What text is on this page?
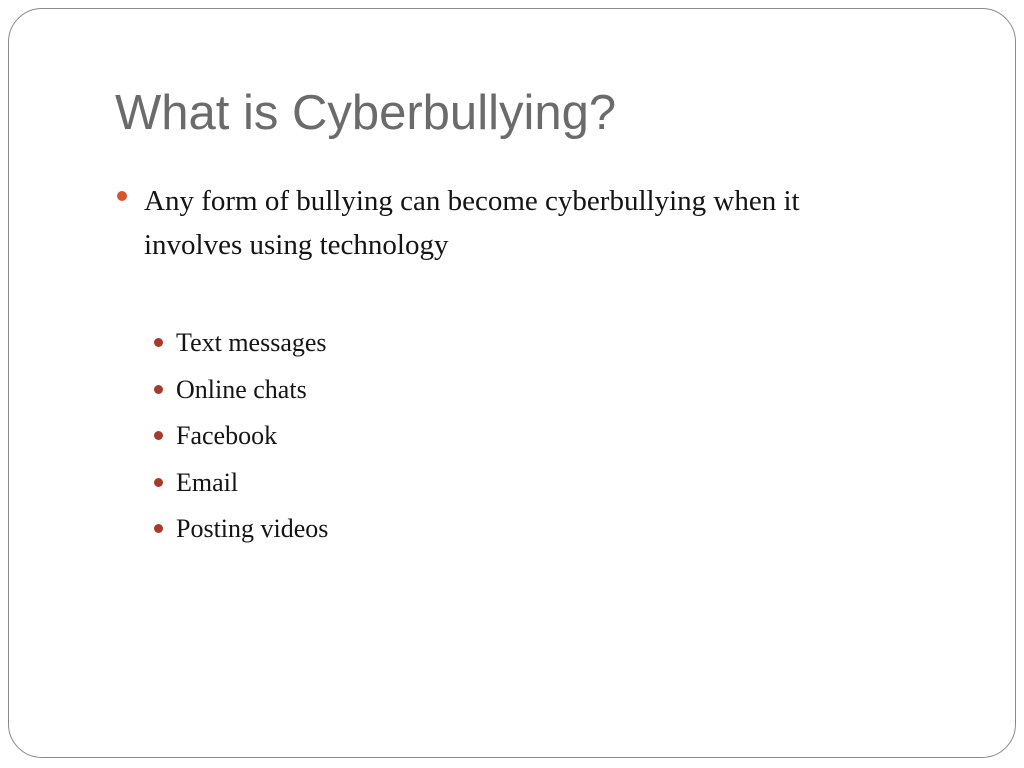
What is Cyberbullying?
Any form of bullying can become cyberbullying when it involves using technology
Text messages
Online chats
Facebook
Email
Posting videos
